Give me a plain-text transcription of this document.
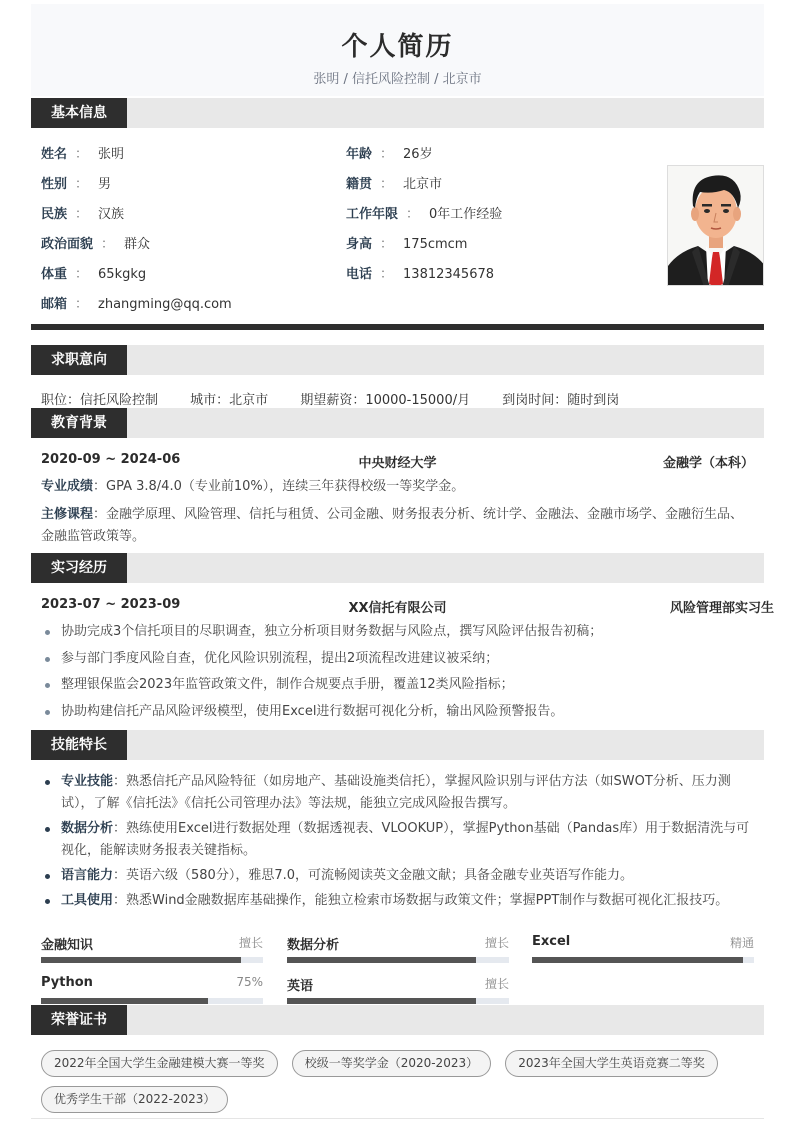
个人简历
张明 / 信托风险控制 / 北京市
基本信息
姓名 ： 张明
性别 ： 男
民族 ： 汉族
政治面貌 ： 群众
体重 ： 65kgkg
邮箱 ： zhangming@qq.com
年龄 ： 26岁
籍贯 ： 北京市
工作年限 ： 0年工作经验
身高 ： 175cmcm
电话 ： 13812345678
求职意向
职位：信托风险控制 城市：北京市 期望薪资：10000-15000/月 到岗时间：随时到岗
教育背景
2020-09 ~ 2024-06	中央财经大学	金融学（本科）
专业成绩：GPA 3.8/4.0（专业前10%），连续三年获得校级一等奖学金。
主修课程：金融学原理、风险管理、信托与租赁、公司金融、财务报表分析、统计学、金融法、金融市场学、金融衍生品、金融监管政策等。
实习经历
2023-07 ~ 2023-09	XX信托有限公司	风险管理部实习生
协助完成3个信托项目的尽职调查，独立分析项目财务数据与风险点，撰写风险评估报告初稿；
参与部门季度风险自查，优化风险识别流程，提出2项流程改进建议被采纳；
整理银保监会2023年监管政策文件，制作合规要点手册，覆盖12类风险指标；
协助构建信托产品风险评级模型，使用Excel进行数据可视化分析，输出风险预警报告。
技能特长
专业技能：熟悉信托产品风险特征（如房地产、基础设施类信托），掌握风险识别与评估方法（如SWOT分析、压力测试），了解《信托法》《信托公司管理办法》等法规，能独立完成风险报告撰写。
数据分析：熟练使用Excel进行数据处理（数据透视表、VLOOKUP），掌握Python基础（Pandas库）用于数据清洗与可视化，能解读财务报表关键指标。
语言能力：英语六级（580分），雅思7.0，可流畅阅读英文金融文献；具备金融专业英语写作能力。
工具使用：熟悉Wind金融数据库基础操作，能独立检索市场数据与政策文件；掌握PPT制作与数据可视化汇报技巧。
金融知识	擅长 数据分析	擅长 Excel	精通
Python	75% 英语	擅长
荣誉证书
2022年全国大学生金融建模大赛一等奖	校级一等奖学金（2020-2023）	2023年全国大学生英语竞赛二等奖 优秀学生干部（2022-2023）
